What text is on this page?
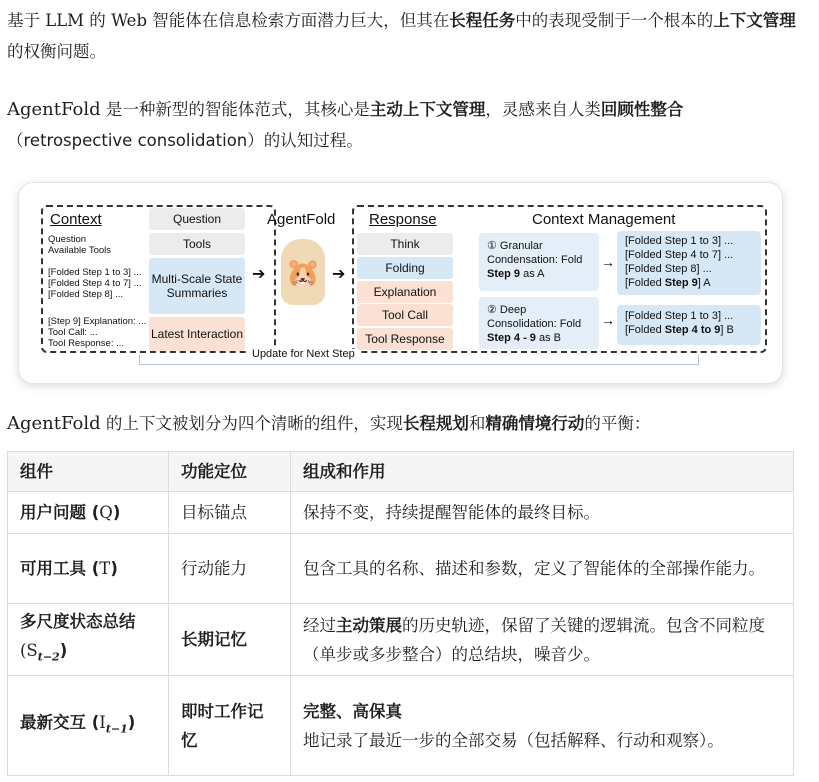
基于 LLM 的 Web 智能体在信息检索方面潜力巨大，但其在长程任务中的表现受制于一个根本的上下文管理的权衡问题。

AgentFold 是一种新型的智能体范式，其核心是主动上下文管理，灵感来自人类回顾性整合（retrospective consolidation）的认知过程。

Context
Question
Available Tools
[Folded Step 1 to 3] ...
[Folded Step 4 to 7] ...
[Folded Step 8] ...
[Step 9] Explanation: ...
Tool Call: ...
Tool Response: ...
Question
Tools
Multi-Scale State Summaries
Latest Interaction
➔
AgentFold
🐹 ➔
Response
Think
Folding
Explanation
Tool Call
Tool Response
Context Management
① Granular Condensation: Fold Step 9 as A
② Deep Consolidation: Fold Step 4 - 9 as B
→
→
[Folded Step 1 to 3] ...
[Folded Step 4 to 7] ...
[Folded Step 8] ...
[Folded Step 9] A
[Folded Step 1 to 3] ...
[Folded Step 4 to 9] B
Update for Next Step

AgentFold 的上下文被划分为四个清晰的组件，实现长程规划和精确情境行动的平衡：

组件	功能定位	组成和作用
用户问题 (Q)	目标锚点	保持不变，持续提醒智能体的最终目标。
可用工具 (T)	行动能力	包含工具的名称、描述和参数，定义了智能体的全部操作能力。
多尺度状态总结
$(S_{t-2})$	长期记忆	经过主动策展的历史轨迹，保留了关键的逻辑流。包含不同粒度（单步或多步整合）的总结块，噪音少。
最新交互 $(I_{t-1})$	即时工作记忆	完整、高保真
地记录了最近一步的全部交易（包括解释、行动和观察）。
